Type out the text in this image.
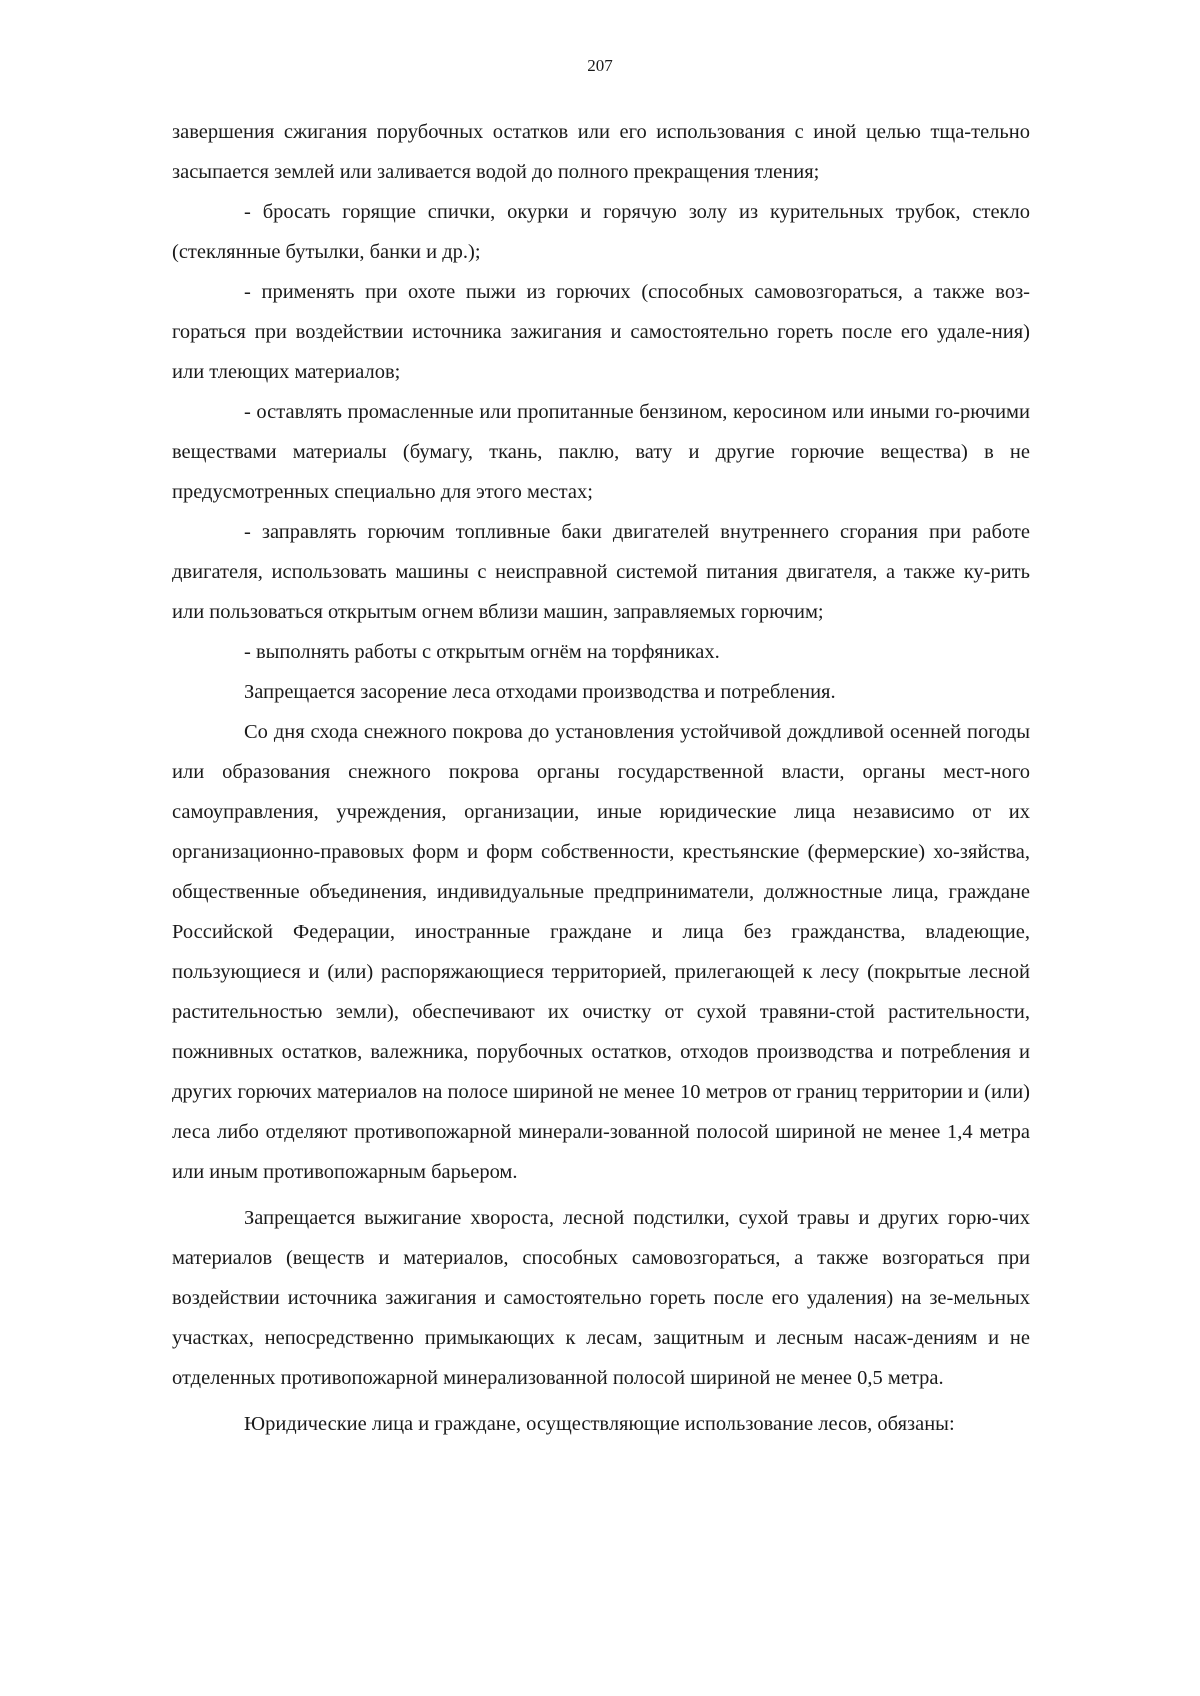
207

завершения сжигания порубочных остатков или его использования с иной целью тща-тельно засыпается землей или заливается водой до полного прекращения тления;

- бросать горящие спички, окурки и горячую золу из курительных трубок, стекло (стеклянные бутылки, банки и др.);

- применять при охоте пыжи из горючих (способных самовозгораться, а также воз-гораться при воздействии источника зажигания и самостоятельно гореть после его удале-ния) или тлеющих материалов;

- оставлять промасленные или пропитанные бензином, керосином или иными го-рючими веществами материалы (бумагу, ткань, паклю, вату и другие горючие вещества) в не предусмотренных специально для этого местах;

- заправлять горючим топливные баки двигателей внутреннего сгорания при работе двигателя, использовать машины с неисправной системой питания двигателя, а также ку-рить или пользоваться открытым огнем вблизи машин, заправляемых горючим;

- выполнять работы с открытым огнём на торфяниках.

Запрещается засорение леса отходами производства и потребления.

Со дня схода снежного покрова до установления устойчивой дождливой осенней погоды или образования снежного покрова органы государственной власти, органы мест-ного самоуправления, учреждения, организации, иные юридические лица независимо от их организационно-правовых форм и форм собственности, крестьянские (фермерские) хо-зяйства, общественные объединения, индивидуальные предприниматели, должностные лица, граждане Российской Федерации, иностранные граждане и лица без гражданства, владеющие, пользующиеся и (или) распоряжающиеся территорией, прилегающей к лесу (покрытые лесной растительностью земли), обеспечивают их очистку от сухой травяни-стой растительности, пожнивных остатков, валежника, порубочных остатков, отходов производства и потребления и других горючих материалов на полосе шириной не менее 10 метров от границ территории и (или) леса либо отделяют противопожарной минерали-зованной полосой шириной не менее 1,4 метра или иным противопожарным барьером.

Запрещается выжигание хвороста, лесной подстилки, сухой травы и других горю-чих материалов (веществ и материалов, способных самовозгораться, а также возгораться при воздействии источника зажигания и самостоятельно гореть после его удаления) на зе-мельных участках, непосредственно примыкающих к лесам, защитным и лесным насаж-дениям и не отделенных противопожарной минерализованной полосой шириной не менее 0,5 метра.

Юридические лица и граждане, осуществляющие использование лесов, обязаны:
